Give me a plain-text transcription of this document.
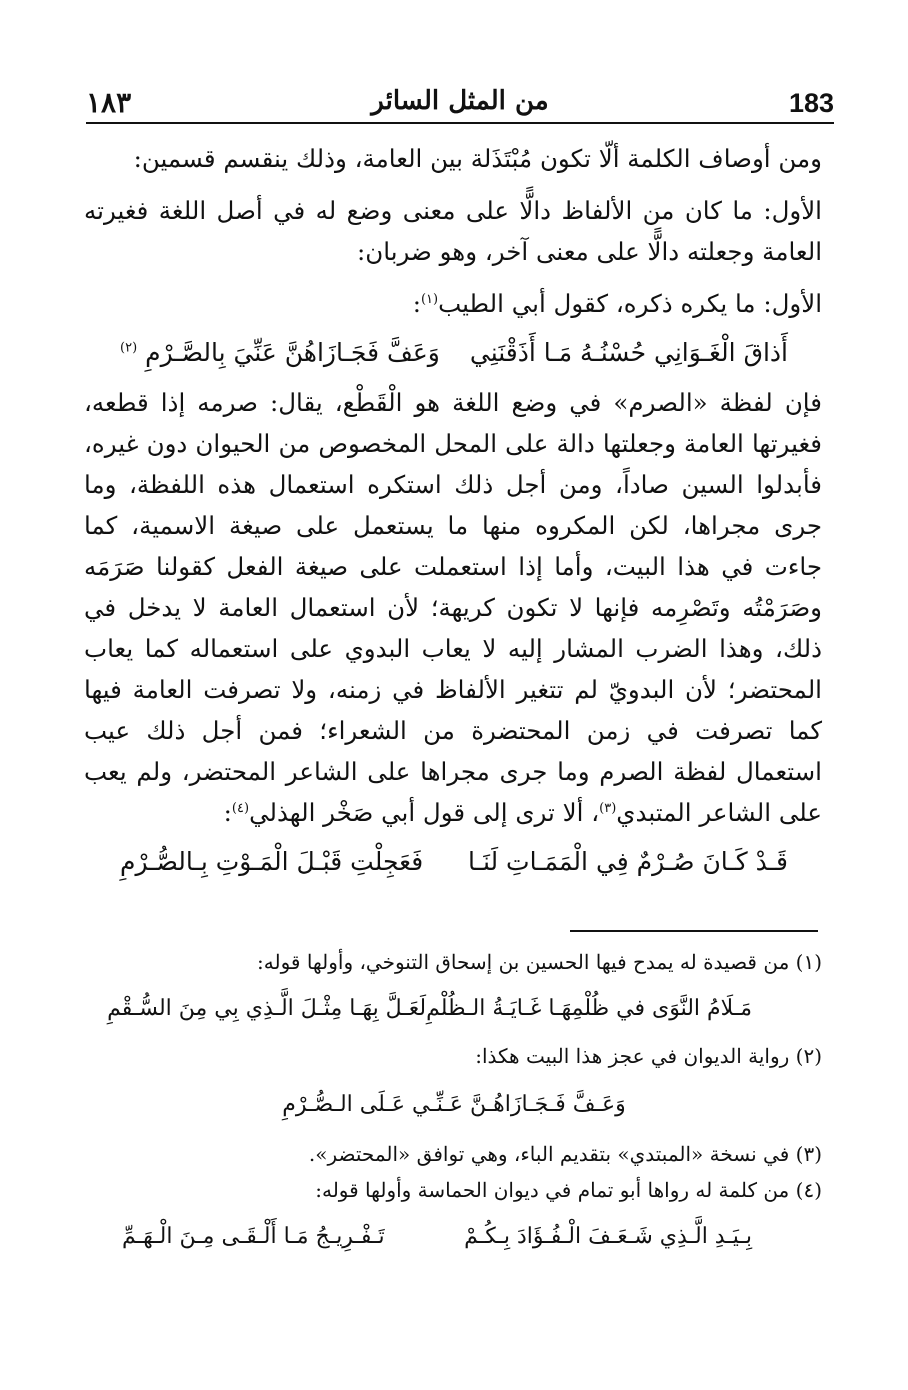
183
من المثل السائر
١٨٣

ومن أوصاف الكلمة ألّا تكون مُبْتَذَلة بين العامة، وذلك ينقسم قسمين:

الأول: ما كان من الألفاظ دالًّا على معنى وضع له في أصل اللغة فغيرته العامة وجعلته دالًّا على معنى آخر، وهو ضربان:

الأول: ما يكره ذكره، كقول أبي الطيب$^{(١)}$:

أَذاقَ الْغَـوَانِي حُسْنُـهُ مَـا أَذَقْنَنِي
وَعَفَّ فَجَـازَاهُنَّ عَنِّيَ بِالصَّـرْمِ $^{(٢)}$

فإن لفظة «الصرم» في وضع اللغة هو الْقَطْع، يقال: صرمه إذا قطعه، فغيرتها العامة وجعلتها دالة على المحل المخصوص من الحيوان دون غيره، فأبدلوا السين صاداً، ومن أجل ذلك استكره استعمال هذه اللفظة، وما جرى مجراها، لكن المكروه منها ما يستعمل على صيغة الاسمية، كما جاءت في هذا البيت، وأما إذا استعملت على صيغة الفعل كقولنا صَرَمَه وصَرَمْتُه وتَصْرِمه فإنها لا تكون كريهة؛ لأن استعمال العامة لا يدخل في ذلك، وهذا الضرب المشار إليه لا يعاب البدوي على استعماله كما يعاب المحتضر؛ لأن البدويّ لم تتغير الألفاظ في زمنه، ولا تصرفت العامة فيها كما تصرفت في زمن المحتضرة من الشعراء؛ فمن أجل ذلك عيب استعمال لفظة الصرم وما جرى مجراها على الشاعر المحتضر، ولم يعب على الشاعر المتبدي$^{(٣)}$، ألا ترى إلى قول أبي صَخْر الهذلي$^{(٤)}$:

قَـدْ كَـانَ صُـرْمٌ فِي الْمَمَـاتِ لَنَـا
فَعَجِلْتِ قَبْـلَ الْمَـوْتِ بِـالصُّـرْمِ

(١) من قصيدة له يمدح فيها الحسين بن إسحاق التنوخي، وأولها قوله:

مَـلَامُ النَّوَى في ظُلْمِهَـا غَـايَـةُ الـظُلْمِ
لَعَـلَّ بِهَـا مِثْـلَ الَّـذِي بِي مِنَ السُّـقْمِ

(٢) رواية الديوان في عجز هذا البيت هكذا:

وَعَـفَّ فَـجَـازَاهُـنَّ عَـنِّـي عَـلَى الـصُّـرْمِ

(٣) في نسخة «المبتدي» بتقديم الباء، وهي توافق «المحتضر».

(٤) من كلمة له رواها أبو تمام في ديوان الحماسة وأولها قوله:

بِـيَـدِ الَّـذِي شَـعَـفَ الْـفُـؤَادَ بِـكُـمْ
تَـفْـرِيـجُ مَـا أَلْـقَـى مِـنَ الْـهَـمِّ
